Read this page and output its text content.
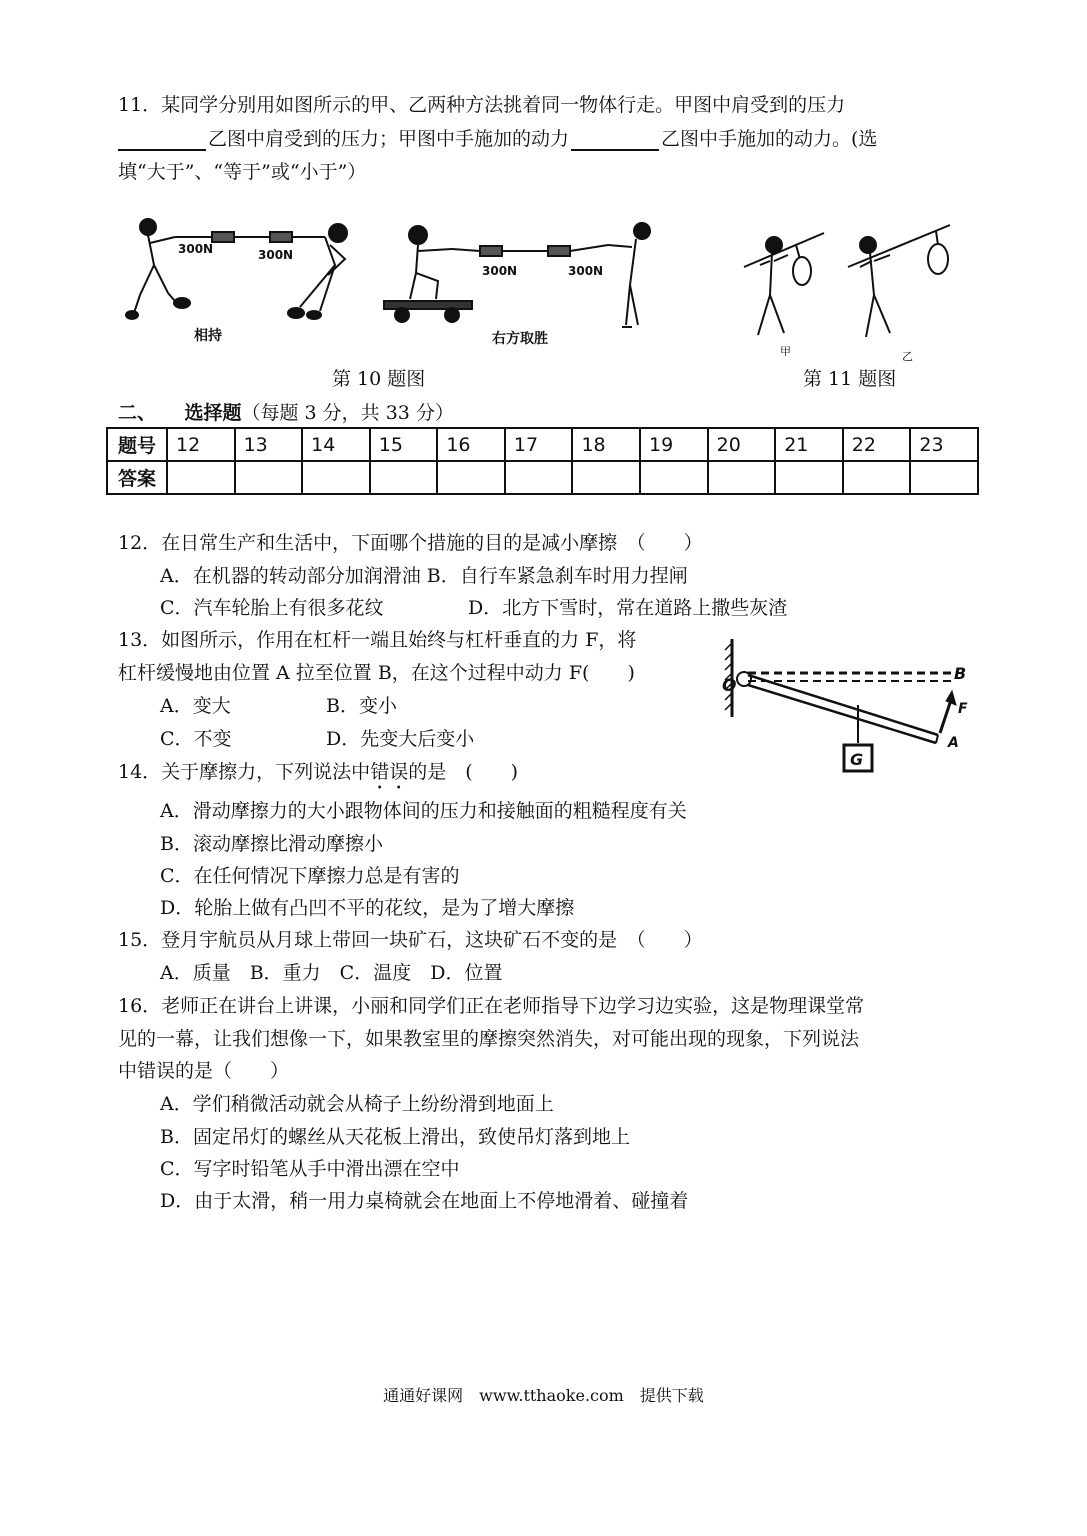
11．某同学分别用如图所示的甲、乙两种方法挑着同一物体行走。甲图中肩受到的压力
乙图中肩受到的压力；甲图中手施加的动力	乙图中手施加的动力。(选
填“大于”、“等于”或“小于”）
300N	300N
相持
300N	300N
右方取胜
甲	乙
第 10 题图	第 11 题图
二、　　选择题（每题 3 分，共 33 分）
题号	12	13	14	15	16	17	18	19	20	21	22	23
答案												
12．在日常生产和生活中，下面哪个措施的目的是减小摩擦　（　　）
A．在机器的转动部分加润滑油 B．自行车紧急刹车时用力捏闸
C．汽车轮胎上有很多花纹	D．北方下雪时，常在道路上撒些灰渣
13．如图所示，作用在杠杆一端且始终与杠杆垂直的力 F，将
杠杆缓慢地由位置 A 拉至位置 B，在这个过程中动力 F(　　)
A．变大	B．变小
C．不变	D．先变大后变小
O
B
F
A
G
14．关于摩擦力，下列说法中错误的是　(　　)
A．滑动摩擦力的大小跟物体间的压力和接触面的粗糙程度有关
B．滚动摩擦比滑动摩擦小
C．在任何情况下摩擦力总是有害的
D．轮胎上做有凸凹不平的花纹，是为了增大摩擦
15．登月宇航员从月球上带回一块矿石，这块矿石不变的是　（　　）
A．质量　B．重力　C．温度　D．位置
16．老师正在讲台上讲课，小丽和同学们正在老师指导下边学习边实验，这是物理课堂常
见的一幕，让我们想像一下，如果教室里的摩擦突然消失，对可能出现的现象，下列说法
中错误的是（　　）
A．学们稍微活动就会从椅子上纷纷滑到地面上
B．固定吊灯的螺丝从天花板上滑出，致使吊灯落到地上
C．写字时铅笔从手中滑出漂在空中
D．由于太滑，稍一用力桌椅就会在地面上不停地滑着、碰撞着
通通好课网　www.tthaoke.com　提供下载
